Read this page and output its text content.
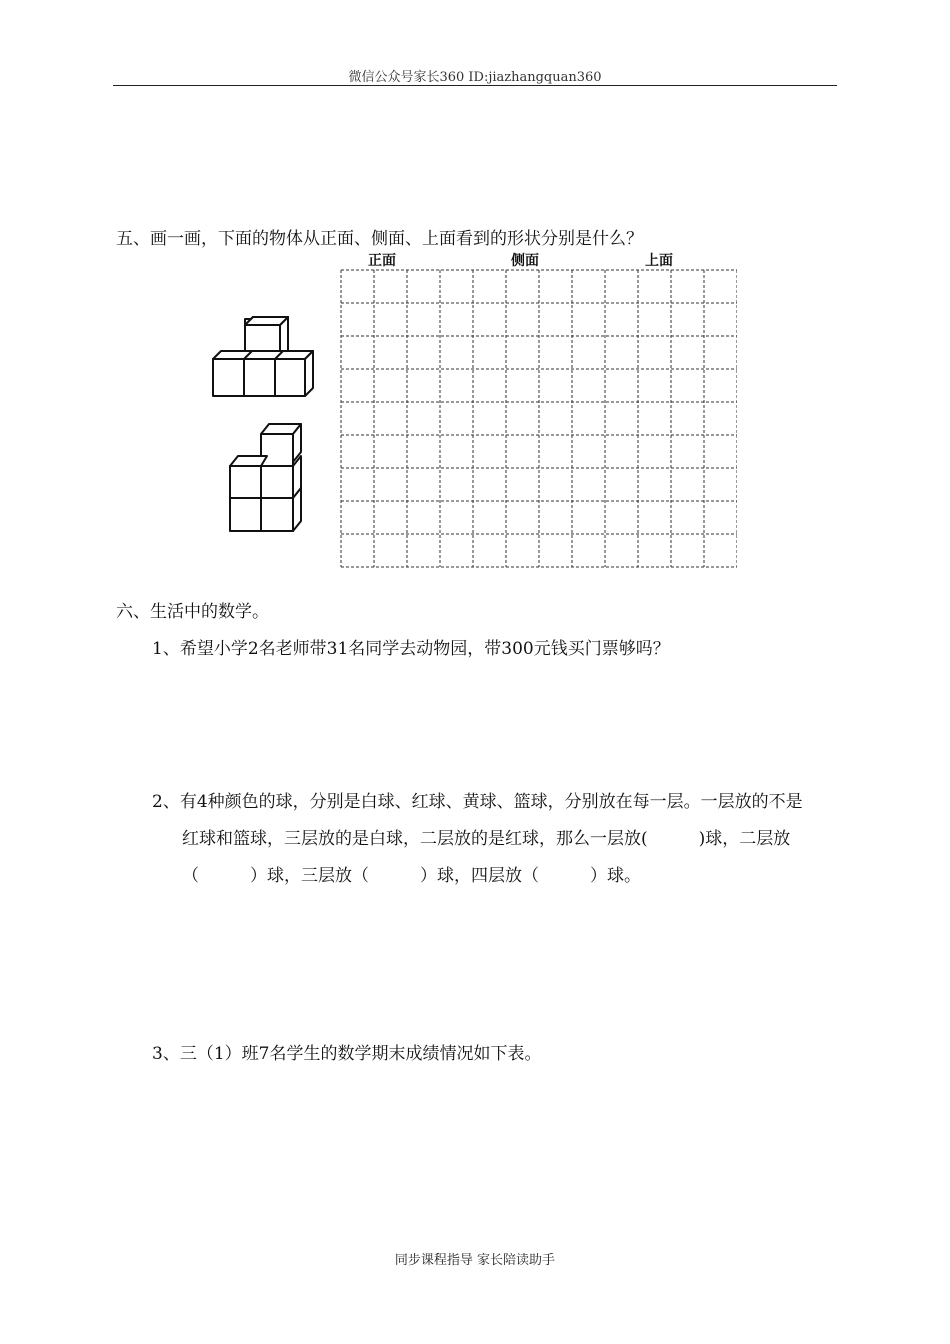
微信公众号家长360 ID:jiazhangquan360
五、画一画，下面的物体从正面、侧面、上面看到的形状分别是什么？
正面	侧面	上面
六、生活中的数学。
1、希望小学2名老师带31名同学去动物园，带300元钱买门票够吗？
2、有4种颜色的球，分别是白球、红球、黄球、篮球，分别放在每一层。一层放的不是
红球和篮球，三层放的是白球，二层放的是红球，那么一层放(　　　)球，二层放
（　　　）球，三层放（　　　）球，四层放（　　　）球。
3、三（1）班7名学生的数学期末成绩情况如下表。
同步课程指导 家长陪读助手
